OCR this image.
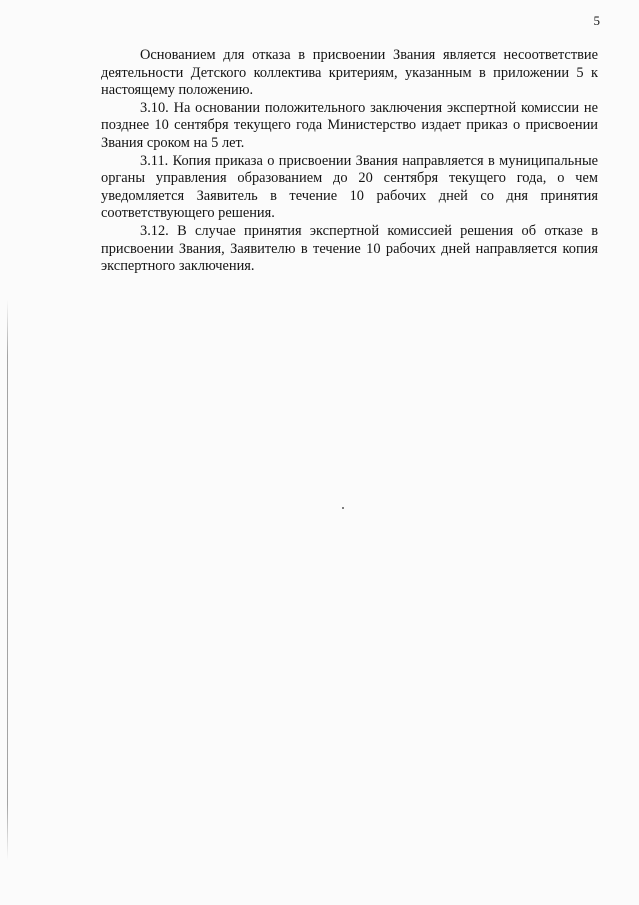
5

Основанием для отказа в присвоении Звания является несоответствие деятельности Детского коллектива критериям, указанным в приложении 5 к настоящему положению.

3.10. На основании положительного заключения экспертной комиссии не позднее 10 сентября текущего года Министерство издает приказ о присвоении Звания сроком на 5 лет.

3.11. Копия приказа о присвоении Звания направляется в муниципальные органы управления образованием до 20 сентября текущего года, о чем уведомляется Заявитель в течение 10 рабочих дней со дня принятия соответствующего решения.

3.12. В случае принятия экспертной комиссией решения об отказе в присвоении Звания, Заявителю в течение 10 рабочих дней направляется копия экспертного заключения.
